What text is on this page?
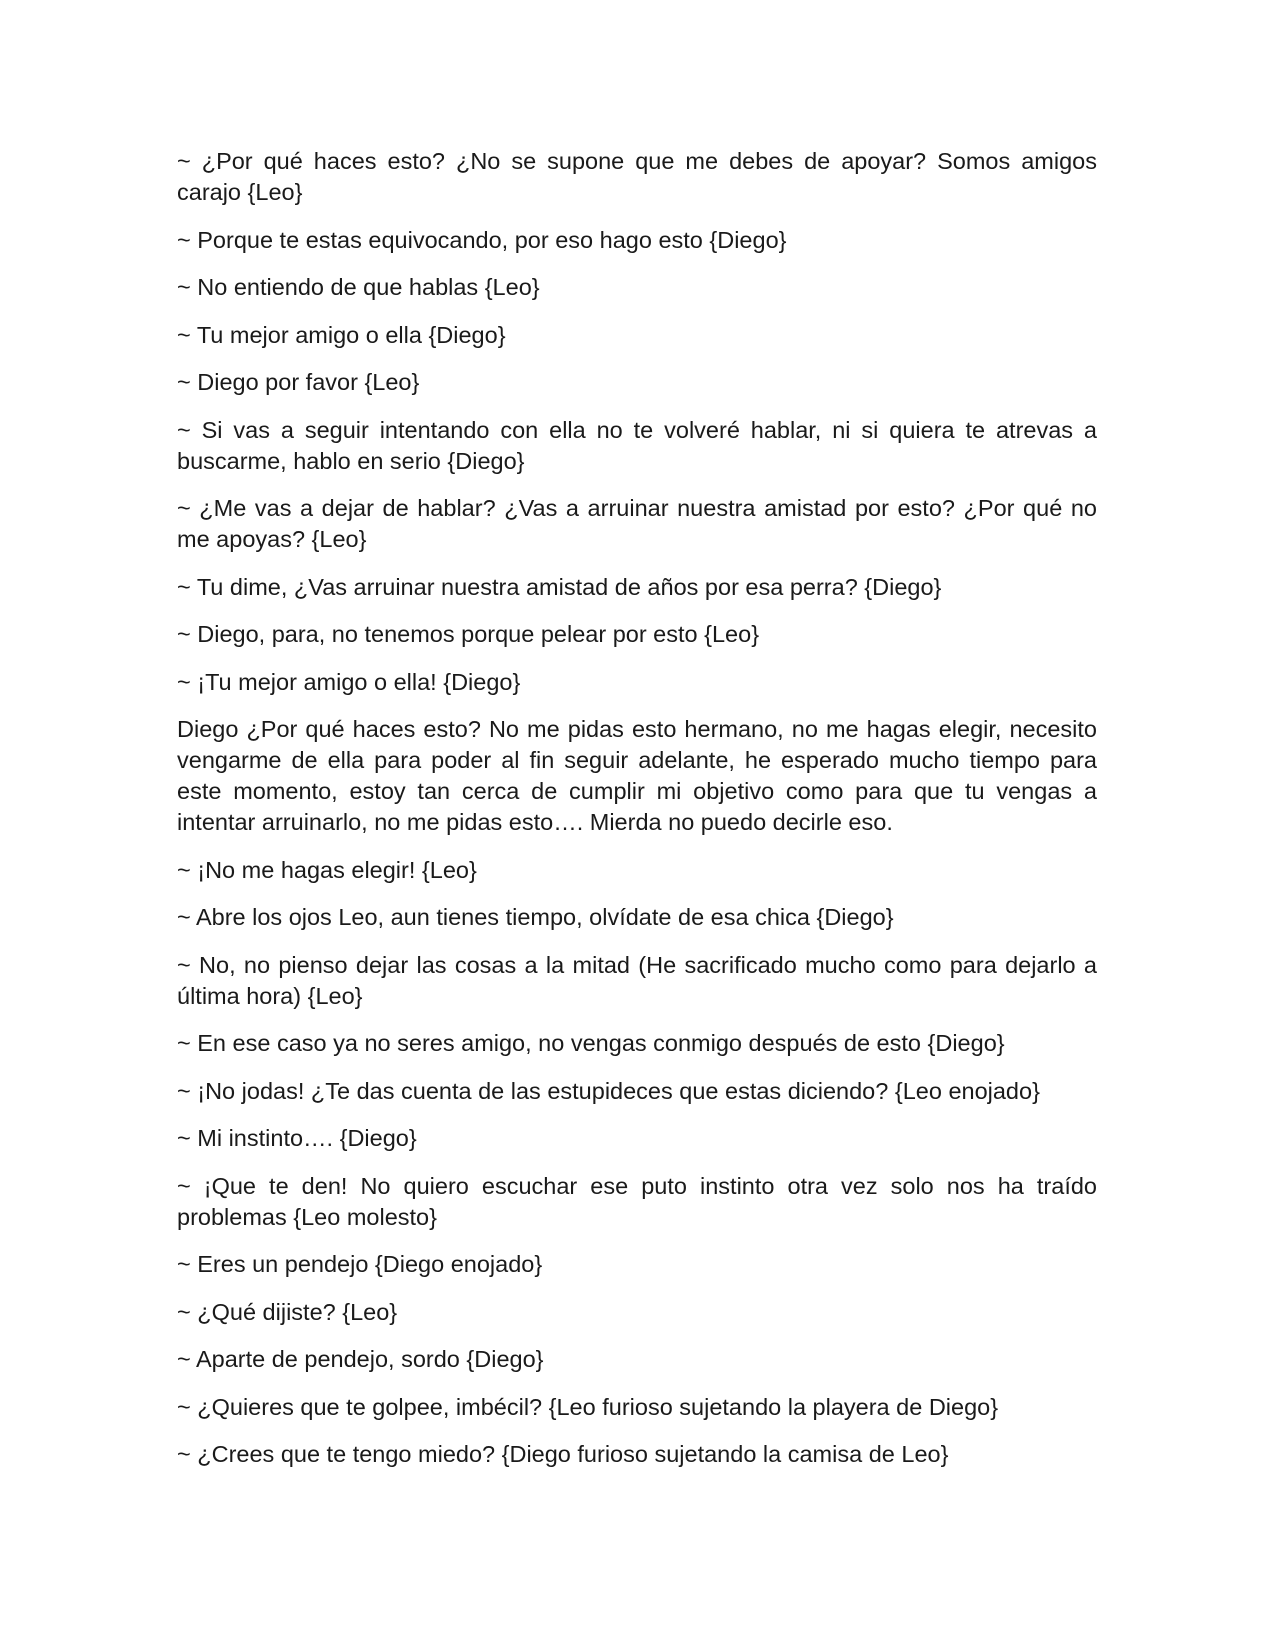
~ ¿Por qué haces esto? ¿No se supone que me debes de apoyar? Somos amigos carajo {Leo}

~ Porque te estas equivocando, por eso hago esto {Diego}

~ No entiendo de que hablas {Leo}

~ Tu mejor amigo o ella {Diego}

~ Diego por favor {Leo}

~ Si vas a seguir intentando con ella no te volveré hablar, ni si quiera te atrevas a buscarme, hablo en serio {Diego}

~ ¿Me vas a dejar de hablar? ¿Vas a arruinar nuestra amistad por esto? ¿Por qué no me apoyas? {Leo}

~ Tu dime, ¿Vas arruinar nuestra amistad de años por esa perra? {Diego}

~ Diego, para, no tenemos porque pelear por esto {Leo}

~ ¡Tu mejor amigo o ella! {Diego}

Diego ¿Por qué haces esto? No me pidas esto hermano, no me hagas elegir, necesito vengarme de ella para poder al fin seguir adelante, he esperado mucho tiempo para este momento, estoy tan cerca de cumplir mi objetivo como para que tu vengas a intentar arruinarlo, no me pidas esto…. Mierda no puedo decirle eso.

~ ¡No me hagas elegir! {Leo}

~ Abre los ojos Leo, aun tienes tiempo, olvídate de esa chica {Diego}

~ No, no pienso dejar las cosas a la mitad (He sacrificado mucho como para dejarlo a última hora) {Leo}

~ En ese caso ya no seres amigo, no vengas conmigo después de esto {Diego}

~ ¡No jodas! ¿Te das cuenta de las estupideces que estas diciendo? {Leo enojado}

~ Mi instinto…. {Diego}

~ ¡Que te den! No quiero escuchar ese puto instinto otra vez solo nos ha traído problemas {Leo molesto}

~ Eres un pendejo {Diego enojado}

~ ¿Qué dijiste? {Leo}

~ Aparte de pendejo, sordo {Diego}

~ ¿Quieres que te golpee, imbécil? {Leo furioso sujetando la playera de Diego}

~ ¿Crees que te tengo miedo? {Diego furioso sujetando la camisa de Leo}
